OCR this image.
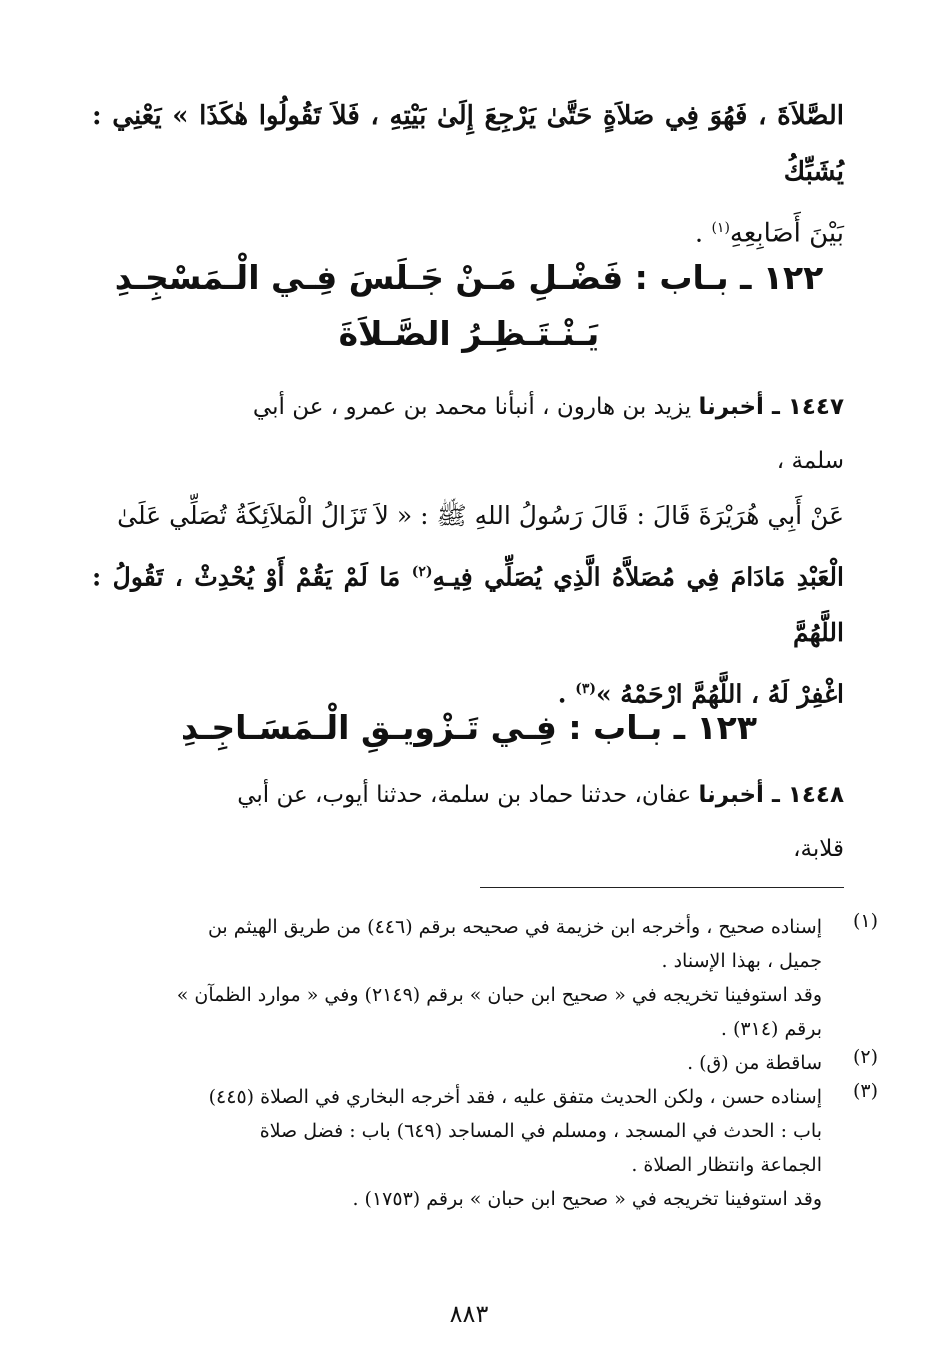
الصَّلاَةَ ، فَهُوَ فِي صَلاَةٍ حَتَّىٰ يَرْجِعَ إِلَىٰ بَيْتِهِ ، فَلاَ تَقُولُوا هٰكَذَا » يَعْنِي : يُشَبِّكُ
بَيْنَ أَصَابِعِهِ$^{(١)}$ .
١٢٢ ـ بـاب : فَضْـلِ مَـنْ جَـلَسَ فِـي الْـمَسْجِـدِ
يَـنْـتَـظِـرُ الصَّـلاَةَ
١٤٤٧ ـ أخبرنا يزيد بن هارون ، أنبأنا محمد بن عمرو ، عن أبي
سلمة ،
عَنْ أَبِي هُرَيْرَةَ قَالَ : قَالَ رَسُولُ اللهِ ﷺ : « لاَ تَزَالُ الْمَلاَئِكَةُ تُصَلِّي عَلَىٰ
الْعَبْدِ مَادَامَ فِي مُصَلاَّهُ الَّذِي يُصَلِّي فِيـهِ$^{(٢)}$ مَا لَمْ يَقُمْ أَوْ يُحْدِثْ ، تَقُولُ : اللَّهُمَّ
اغْفِرْ لَهُ ، اللَّهُمَّ ارْحَمْهُ »$^{(٣)}$ .
١٢٣ ـ بـاب : فِـي تَـزْويـقِ الْـمَسَـاجِـدِ
١٤٤٨ ـ أخبرنا عفان، حدثنا حماد بن سلمة، حدثنا أيوب، عن أبي
قلابة،
(١)
إسناده صحيح ، وأخرجه ابن خزيمة في صحيحه برقم (٤٤٦) من طريق الهيثم بن
جميل ، بهذا الإسناد .
وقد استوفينا تخريجه في « صحيح ابن حبان » برقم (٢١٤٩) وفي « موارد الظمآن »
برقم (٣١٤) .
(٢)
ساقطة من (ق) .
(٣)
إسناده حسن ، ولكن الحديث متفق عليه ، فقد أخرجه البخاري في الصلاة (٤٤٥)
باب : الحدث في المسجد ، ومسلم في المساجد (٦٤٩) باب : فضل صلاة
الجماعة وانتظار الصلاة .
وقد استوفينا تخريجه في « صحيح ابن حبان » برقم (١٧٥٣) .
٨٨٣
